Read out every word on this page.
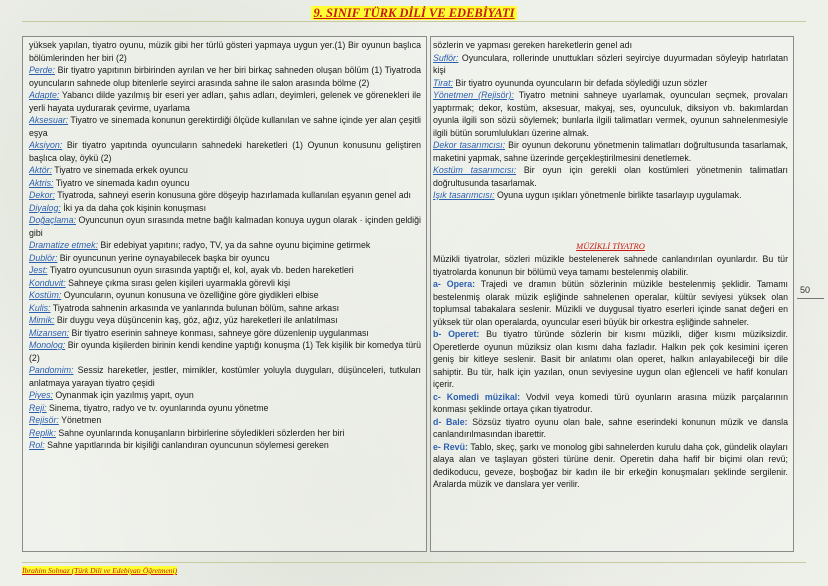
9. SINIF TÜRK DİLİ VE EDEBİYATI

yüksek yapılan, tiyatro oyunu, müzik gibi her türlü gösteri yapmaya uygun yer.(1) Bir oyunun başlıca bölümlerinden her biri (2)

Perde: Bir tiyatro yapıtının birbirinden ayrılan ve her biri birkaç sahneden oluşan bölüm (1) Tiyatroda oyuncuların sahnede olup bitenlerle seyirci arasında sahne ile salon arasında bölme (2)

Adapte: Yabancı dilde yazılmış bir eseri yer adları, şahıs adları, deyimleri, gelenek ve görenekleri ile yerli hayata uydurarak çevirme, uyarlama

Aksesuar: Tiyatro ve sinemada konunun gerektirdiği ölçüde kullanılan ve sahne içinde yer alan çeşitli eşya

Aksiyon: Bir tiyatro yapıtında oyuncuların sahnedeki hareketleri (1) Oyunun konusunu geliştiren başlıca olay, öykü (2)

Aktör: Tiyatro ve sinemada erkek oyuncu

Aktris: Tiyatro ve sinemada kadın oyuncu

Dekor: Tiyatroda, sahneyi eserin konusuna göre döşeyip hazırlamada kullanılan eşyanın genel adı

Diyalog: İki ya da daha çok kişinin konuşması

Doğaçlama: Oyuncunun oyun sırasında metne bağlı kalmadan konuya uygun olarak · içinden geldiği gibi

Dramatize etmek: Bir edebiyat yapıtını; radyo, TV, ya da sahne oyunu biçimine getirmek

Dublör: Bir oyuncunun yerine oynayabilecek başka bir oyuncu

Jest: Tiyatro oyuncusunun oyun sırasında yaptığı el, kol, ayak vb. beden hareketleri

Konduvit: Sahneye çıkma sırası gelen kişileri uyarmakla görevli kişi

Kostüm: Oyuncuların, oyunun konusuna ve özelliğine göre giydikleri elbise

Kulis: Tiyatroda sahnenin arkasında ve yanlarında bulunan bölüm, sahne arkası

Mimik: Bir duygu veya düşüncenin kaş, göz, ağız, yüz hareketleri ile anlatılması

Mizansen: Bir tiyatro eserinin sahneye konması, sahneye göre düzenlenip uygulanması

Monolog: Bir oyunda kişilerden birinin kendi kendine yaptığı konuşma (1) Tek kişilik bir komedya türü (2)

Pandomim: Sessiz hareketler, jestler, mimikler, kostümler yoluyla duyguları, düşünceleri, tutkuları anlatmaya yarayan tiyatro çeşidi

Piyes: Oynanmak için yazılmış yapıt, oyun

Reji: Sinema, tiyatro, radyo ve tv. oyunlarında oyunu yönetme

Rejisör: Yönetmen

Replik: Sahne oyunlarında konuşanların birbirlerine söyledikleri sözlerden her biri

Rol: Sahne yapıtlarında bir kişiliği canlandıran oyuncunun söylemesi gereken

sözlerin ve yapması gereken hareketlerin genel adı

Suflör: Oyunculara, rollerinde unuttukları sözleri seyirciye duyurmadan söyleyip hatırlatan kişi

Tirat: Bir tiyatro oyununda oyuncuların bir defada söylediği uzun sözler

Yönetmen (Rejisör): Tiyatro metnini sahneye uyarlamak, oyuncuları seçmek, provaları yaptırmak; dekor, kostüm, aksesuar, makyaj, ses, oyunculuk, diksiyon vb. bakımlardan oyunla ilgili son sözü söylemek; bunlarla ilgili talimatları vermek, oyunun sahnelenmesiyle ilgili bütün sorumlulukları üzerine almak.

Dekor tasarımcısı: Bir oyunun dekorunu yönetmenin talimatları doğrultusunda tasarlamak, maketini yapmak, sahne üzerinde gerçekleştirilmesini denetlemek.

Kostüm tasarımcısı: Bir oyun için gerekli olan kostümleri yönetmenin talimatları doğrultusunda tasarlamak.

Işık tasarımcısı: Oyuna uygun ışıkları yönetmenle birlikte tasarlayıp uygulamak.

MÜZİKLİ TİYATRO

Müzikli tiyatrolar, sözleri müzikle bestelenerek sahnede canlandırılan oyunlardır. Bu tür tiyatrolarda konunun bir bölümü veya tamamı bestelenmiş olabilir.

a- Opera: Trajedi ve dramın bütün sözlerinin müzikle bestelenmiş şeklidir. Tamamı bestelenmiş olarak müzik eşliğinde sahnelenen operalar, kültür seviyesi yüksek olan toplumsal tabakalara seslenir. Müzikli ve duygusal tiyatro eserleri içinde sanat değeri en yüksek tür olan operalarda, oyuncular eseri büyük bir orkestra eşliğinde sahneler.

b- Operet: Bu tiyatro türünde sözlerin bir kısmı müzikli, diğer kısmı müziksizdir. Operetlerde oyunun müziksiz olan kısmı daha fazladır. Halkın pek çok kesimini içeren geniş bir kitleye seslenir. Basit bir anlatımı olan operet, halkın anlayabileceği bir dile sahiptir. Bu tür, halk için yazılan, onun seviyesine uygun olan eğlenceli ve hafif konuları içerir.

c- Komedi müzikal: Vodvil veya komedi türü oyunların arasına müzik parçalarının konması şeklinde ortaya çıkan tiyatrodur.

d- Bale: Sözsüz tiyatro oyunu olan bale, sahne eserindeki konunun müzik ve dansla canlandırılmasından ibarettir.

e- Revü: Tablo, skeç, şarkı ve monolog gibi sahnelerden kurulu daha çok, gündelik olayları alaya alan ve taşlayan gösteri türüne denir. Operetin daha hafif bir biçimi olan revü; dedikoducu, geveze, boşboğaz bir kadın ile bir erkeğin konuşmaları şeklinde sergilenir. Aralarda müzik ve danslara yer verilir.

50
İbrahim Solmaz (Türk Dili ve Edebiyatı Öğretmeni)
